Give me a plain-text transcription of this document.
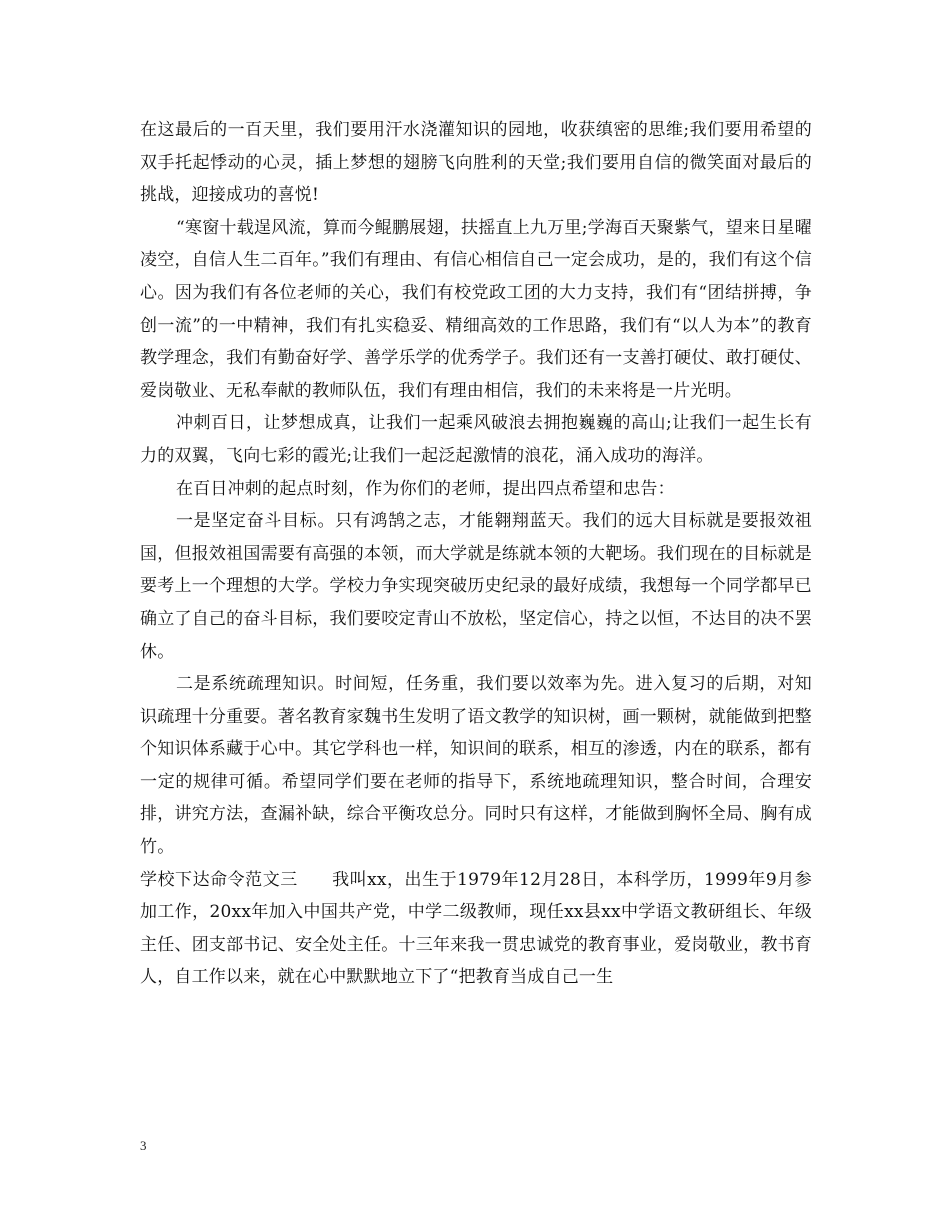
在这最后的一百天里，我们要用汗水浇灌知识的园地，收获缜密的思维;我们要用希望的双手托起悸动的心灵，插上梦想的翅膀飞向胜利的天堂;我们要用自信的微笑面对最后的挑战，迎接成功的喜悦!

“寒窗十载逞风流，算而今鲲鹏展翅，扶摇直上九万里;学海百天聚紫气，望来日星曜凌空，自信人生二百年。”我们有理由、有信心相信自己一定会成功，是的，我们有这个信心。因为我们有各位老师的关心，我们有校党政工团的大力支持，我们有“团结拼搏，争创一流”的一中精神，我们有扎实稳妥、精细高效的工作思路，我们有“以人为本”的教育教学理念，我们有勤奋好学、善学乐学的优秀学子。我们还有一支善打硬仗、敢打硬仗、爱岗敬业、无私奉献的教师队伍，我们有理由相信，我们的未来将是一片光明。

冲刺百日，让梦想成真，让我们一起乘风破浪去拥抱巍巍的高山;让我们一起生长有力的双翼，飞向七彩的霞光;让我们一起泛起激情的浪花，涌入成功的海洋。

在百日冲刺的起点时刻，作为你们的老师，提出四点希望和忠告：

一是坚定奋斗目标。只有鸿鹄之志，才能翱翔蓝天。我们的远大目标就是要报效祖国，但报效祖国需要有高强的本领，而大学就是练就本领的大靶场。我们现在的目标就是要考上一个理想的大学。学校力争实现突破历史纪录的最好成绩，我想每一个同学都早已确立了自己的奋斗目标，我们要咬定青山不放松，坚定信心，持之以恒，不达目的决不罢休。

二是系统疏理知识。时间短，任务重，我们要以效率为先。进入复习的后期，对知识疏理十分重要。著名教育家魏书生发明了语文教学的知识树，画一颗树，就能做到把整个知识体系藏于心中。其它学科也一样，知识间的联系，相互的渗透，内在的联系，都有一定的规律可循。希望同学们要在老师的指导下，系统地疏理知识，整合时间，合理安排，讲究方法，查漏补缺，综合平衡攻总分。同时只有这样，才能做到胸怀全局、胸有成竹。

学校下达命令范文三 我叫xx，出生于1979年12月28日，本科学历，1999年9月参加工作，20xx年加入中国共产党，中学二级教师，现任xx县xx中学语文教研组长、年级主任、团支部书记、安全处主任。十三年来我一贯忠诚党的教育事业，爱岗敬业，教书育人，自工作以来，就在心中默默地立下了“把教育当成自己一生

3
